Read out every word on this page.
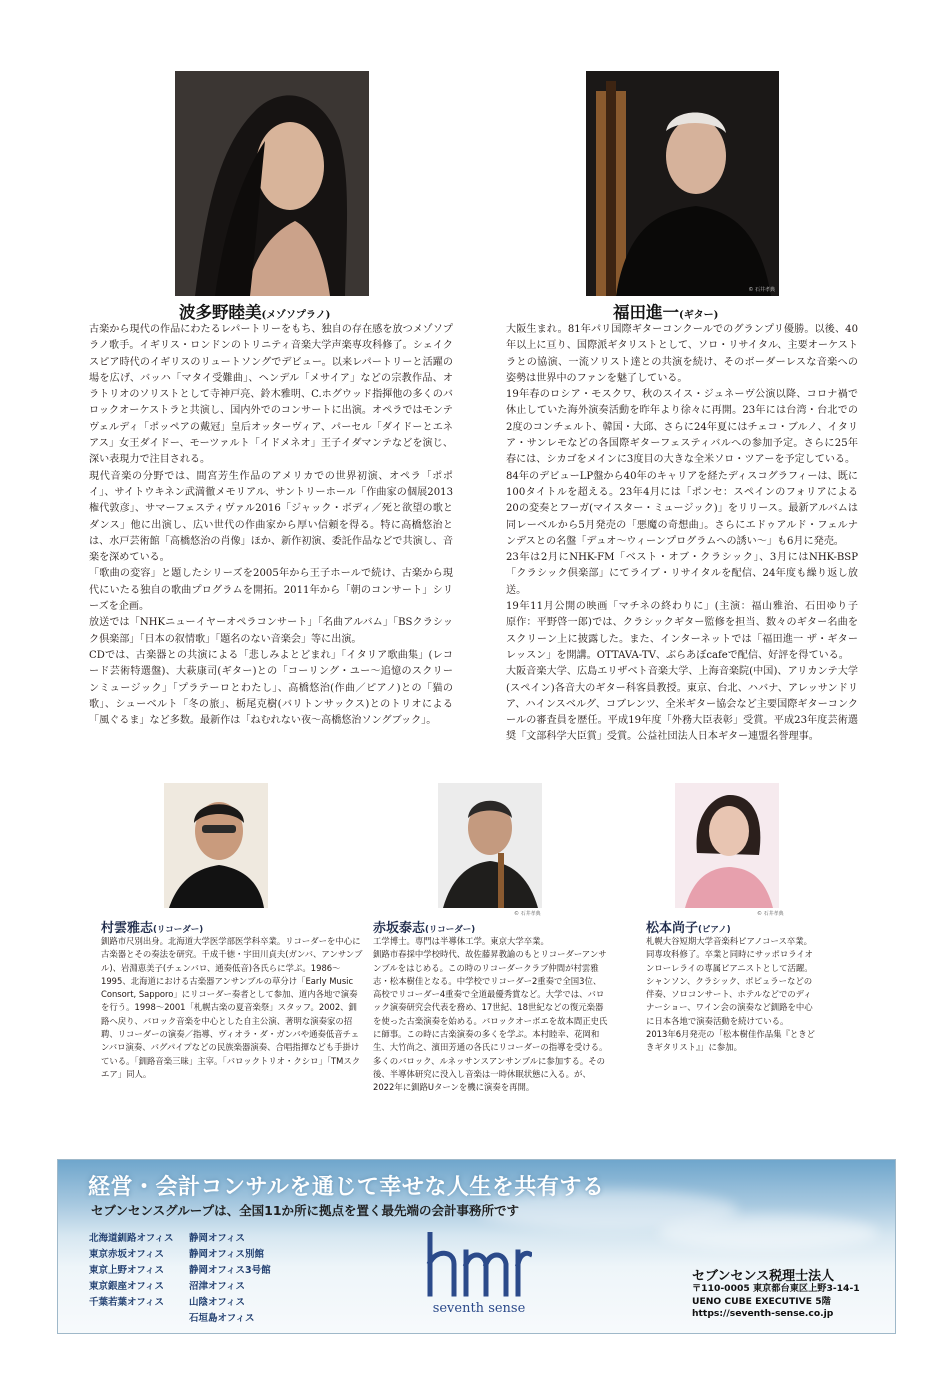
波多野睦美(メゾソプラノ)

古楽から現代の作品にわたるレパートリーをもち、独自の存在感を放つメゾソプラノ歌手。イギリス・ロンドンのトリニティ音楽大学声楽専攻科修了。シェイクスピア時代のイギリスのリュートソングでデビュー。以来レパートリーと活躍の場を広げ、バッハ「マタイ受難曲」、ヘンデル「メサイア」などの宗教作品、オラトリオのソリストとして寺神戸亮、鈴木雅明、C.ホグウッド指揮他の多くのバロックオーケストラと共演し、国内外でのコンサートに出演。オペラではモンテヴェルディ「ポッペアの戴冠」皇后オッターヴィア、パーセル「ダイドーとエネアス」女王ダイドー、モーツァルト「イドメネオ」王子イダマンテなどを演じ、深い表現力で注目される。

現代音楽の分野では、間宮芳生作品のアメリカでの世界初演、オペラ「ポポイ」、サイトウキネン武満徹メモリアル、サントリーホール「作曲家の個展2013権代敦彦」、サマーフェスティヴァル2016「ジャック・ボディ／死と欲望の歌とダンス」他に出演し、広い世代の作曲家から厚い信頼を得る。特に高橋悠治とは、水戸芸術館「高橋悠治の肖像」ほか、新作初演、委託作品などで共演し、音楽を深めている。

「歌曲の変容」と題したシリーズを2005年から王子ホールで続け、古楽から現代にいたる独自の歌曲プログラムを開拓。2011年から「朝のコンサート」シリーズを企画。

放送では「NHKニューイヤーオペラコンサート」「名曲アルバム」「BSクラシック倶楽部」「日本の叙情歌」「題名のない音楽会」等に出演。

CDでは、古楽器との共演による「悲しみよとどまれ」「イタリア歌曲集」(レコード芸術特選盤)、大萩康司(ギター)との「コーリング・ユー〜追憶のスクリーンミュージック」「プラテーロとわたし」、高橋悠治(作曲／ピアノ)との「猫の歌」、シューベルト「冬の旅」、栃尾克樹(バリトンサックス)とのトリオによる「風ぐるま」など多数。最新作は「ねむれない夜〜高橋悠治ソングブック」。

© 石井孝典
福田進一(ギター)

大阪生まれ。81年パリ国際ギターコンクールでのグランプリ優勝。以後、40年以上に亘り、国際派ギタリストとして、ソロ・リサイタル、主要オーケストラとの協演、一流ソリスト達との共演を続け、そのボーダーレスな音楽への姿勢は世界中のファンを魅了している。

19年春のロシア・モスクワ、秋のスイス・ジュネーヴ公演以降、コロナ禍で休止していた海外演奏活動を昨年より徐々に再開。23年には台湾・台北での2度のコンチェルト、韓国・大邱、さらに24年夏にはチェコ・ブルノ、イタリア・サンレモなどの各国際ギターフェスティバルへの参加予定。さらに25年春には、シカゴをメインに3度目の大きな全米ソロ・ツアーを予定している。

84年のデビューLP盤から40年のキャリアを経たディスコグラフィーは、既に100タイトルを超える。23年4月には「ポンセ：スペインのフォリアによる20の変奏とフーガ(マイスター・ミュージック)」をリリース。最新アルバムは同レーベルから5月発売の「悪魔の奇想曲」。さらにエドゥアルド・フェルナンデスとの名盤「デュオ〜ウィーンプログラムへの誘い〜」も6月に発売。

23年は2月にNHK-FM「ベスト・オブ・クラシック」、3月にはNHK-BSP「クラシック倶楽部」にてライブ・リサイタルを配信、24年度も繰り返し放送。

19年11月公開の映画「マチネの終わりに」(主演：福山雅治、石田ゆり子　原作：平野啓一郎)では、クラシックギター監修を担当、数々のギター名曲をスクリーン上に披露した。また、インターネットでは「福田進一 ザ・ギターレッスン」を開講。OTTAVA-TV、ぶらあぼcafeで配信、好評を得ている。

大阪音楽大学、広島エリザベト音楽大学、上海音楽院(中国)、アリカンテ大学(スペイン)各音大のギター科客員教授。東京、台北、ハバナ、アレッサンドリア、ハインスベルグ、コブレンツ、全米ギター協会など主要国際ギターコンクールの審査員を歴任。平成19年度「外務大臣表彰」受賞。平成23年度芸術選奨「文部科学大臣賞」受賞。公益社団法人日本ギター連盟名誉理事。

村雲雅志(リコーダー)

釧路市尺別出身。北海道大学医学部医学科卒業。リコーダーを中心に古楽器とその奏法を研究。千成千徳・宇田川貞夫(ガンバ、アンサンブル)、岩淵恵美子(チェンバロ、通奏低音)各氏らに学ぶ。1986〜1995、北海道における古楽器アンサンブルの草分け「Early Music Consort, Sapporo」にリコーダー奏者として参加、道内各地で演奏を行う。1998〜2001「札幌古楽の夏音楽祭」スタッフ。2002、釧路へ戻り、バロック音楽を中心とした自主公演、著明な演奏家の招聘、リコーダーの演奏／指導、ヴィオラ・ダ・ガンバや通奏低音チェンバロ演奏、バグパイプなどの民族楽器演奏、合唱指揮なども手掛けている。「釧路音楽三昧」主宰。「バロックトリオ・クシロ」「TMスクエア」同人。

© 石井孝典
赤坂泰志(リコーダー)

工学博士。専門は半導体工学。東京大学卒業。

釧路市春採中学校時代、故佐藤昇教諭のもとリコーダーアンサンブルをはじめる。この時のリコーダークラブ仲間が村雲雅志・松本樹佳となる。中学校でリコーダー2重奏で全国3位、高校でリコーダー4重奏で全道最優秀賞など。大学では、バロック演奏研究会代表を務め、17世紀、18世紀などの復元楽器を使った古楽演奏を始める。バロックオーボエを故本間正史氏に師事。この時に古楽演奏の多くを学ぶ。本村睦幸、花岡和生、大竹尚之、濱田芳通の各氏にリコーダーの指導を受ける。多くのバロック、ルネッサンスアンサンブルに参加する。その後、半導体研究に没入し音楽は一時休眠状態に入る。が、2022年に釧路Uターンを機に演奏を再開。

© 石井孝典
松本尚子(ピアノ)

札幌大谷短期大学音楽科ピアノコース卒業。同専攻科修了。卒業と同時にサッポロライオンローレライの専属ピアニストとして活躍。

シャンソン、クラシック、ポピュラーなどの伴奏、ソロコンサート、ホテルなどでのディナーショー、ワイン会の演奏など釧路を中心に日本各地で演奏活動を続けている。

2013年6月発売の「松本樹佳作品集『ときどきギタリスト』」に参加。

経営・会計コンサルを通じて幸せな人生を共有する
セブンセンスグループは、全国11か所に拠点を置く最先端の会計事務所です
北海道釧路オフィス
東京赤坂オフィス
東京上野オフィス
東京銀座オフィス
千葉若葉オフィス
静岡オフィス
静岡オフィス別館
静岡オフィス3号館
沼津オフィス
山陰オフィス
石垣島オフィス
seventh sense
セブンセンス税理士法人
〒110-0005 東京都台東区上野3-14-1
UENO CUBE EXECUTIVE 5階
https://seventh-sense.co.jp
